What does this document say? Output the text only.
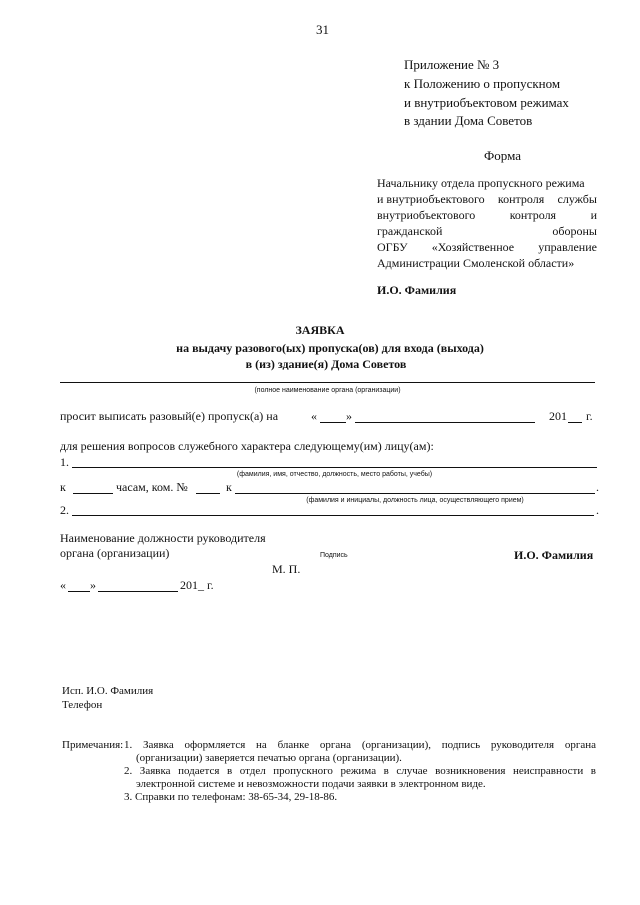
31
Приложение № 3
к Положению о пропускном
и внутриобъектовом режимах
в здании Дома Советов
Форма
Начальнику отдела пропускного режима
и внутриобъектового контроля службы
внутриобъектового	контроля	и
гражданской	обороны
ОГБУ «Хозяйственное управление
Администрации Смоленской области»
И.О. Фамилия
ЗАЯВКА
на выдачу разового(ых) пропуска(ов) для входа (выхода)
в (из) здание(я) Дома Советов
(полное наименование органа (организации)
просит выписать разовый(е) пропуск(а) на	« »	201 г.
для решения вопросов служебного характера следующему(им) лицу(ам):
1.
(фамилия, имя, отчество, должность, место работы, учебы)
к	часам, ком. №	к	.
(фамилия и инициалы, должность лица, осуществляющего прием)
2.	.
Наименование должности руководителя
органа (организации)	Подпись	И.О. Фамилия
М. П.
« »	201_ г.
Исп. И.О. Фамилия
Телефон
Примечания: 1. Заявка оформляется на бланке органа (организации), подпись руководителя органа
(организации) заверяется печатью органа (организации).
2. Заявка подается в отдел пропускного режима в случае возникновения неисправности в
электронной системе и невозможности подачи заявки в электронном виде.
3. Справки по телефонам: 38-65-34, 29-18-86.
